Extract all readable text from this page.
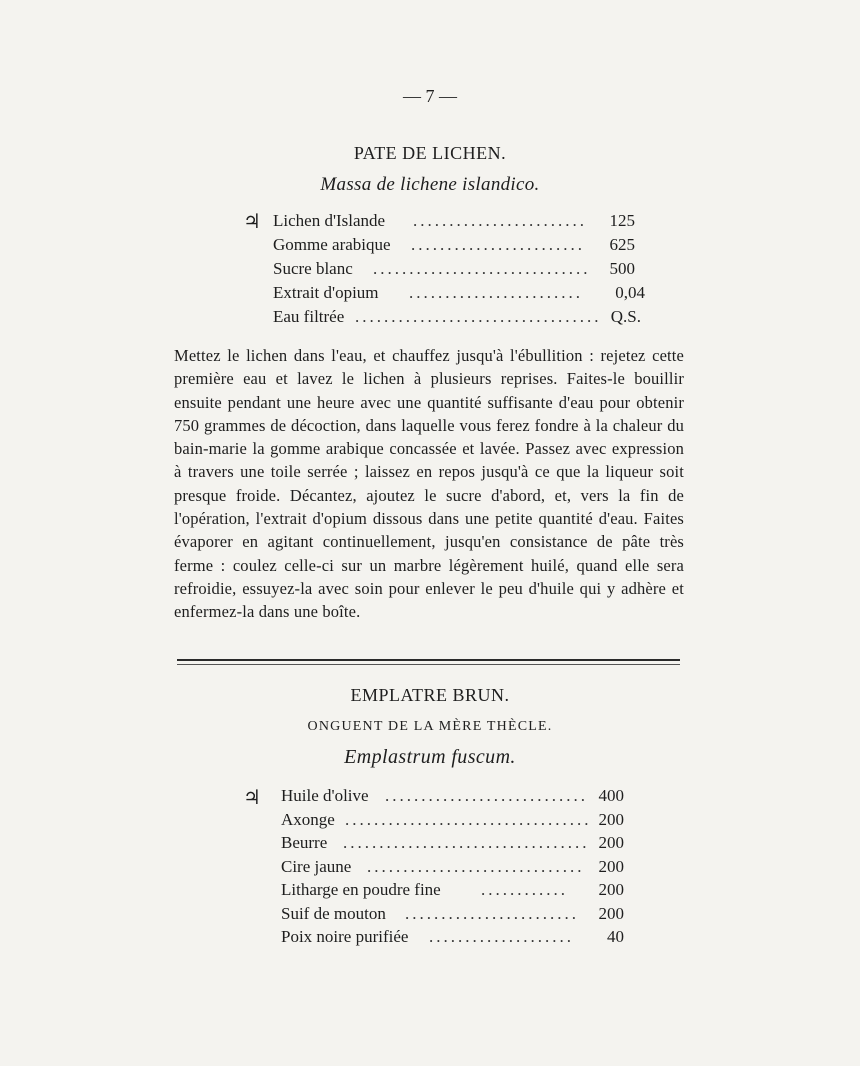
— 7 —
PATE DE LICHEN.
Massa de lichene islandico.
♃ Lichen d'Islande ........................	125
Gomme arabique ........................	625
Sucre blanc ..............................	500
Extrait d'opium ........................	0,04
Eau filtrée .................................. Q.S.
Mettez le lichen dans l'eau, et chauffez jusqu'à l'ébullition : rejetez cette première eau et lavez le lichen à plusieurs reprises. Faites-le bouillir ensuite pendant une heure avec une quantité suffisante d'eau pour obtenir 750 grammes de décoction, dans laquelle vous ferez fondre à la chaleur du bain-marie la gomme arabique concassée et lavée. Passez avec expression à travers une toile serrée ; laissez en repos jusqu'à ce que la liqueur soit presque froide. Décantez, ajoutez le sucre d'abord, et, vers la fin de l'opération, l'extrait d'opium dissous dans une petite quantité d'eau. Faites évaporer en agitant continuellement, jusqu'en consistance de pâte très ferme : coulez celle-ci sur un marbre légèrement huilé, quand elle sera refroidie, essuyez-la avec soin pour enlever le peu d'huile qui y adhère et enfermez-la dans une boîte.
EMPLATRE BRUN.
ONGUENT DE LA MÈRE THÈCLE.
Emplastrum fuscum.
♃ Huile d'olive ............................ 400
Axonge .................................. 200
Beurre .................................. 200
Cire jaune .............................. 200
Litharge en poudre fine ............	200
Suif de mouton ........................	200
Poix noire purifiée ....................	40
